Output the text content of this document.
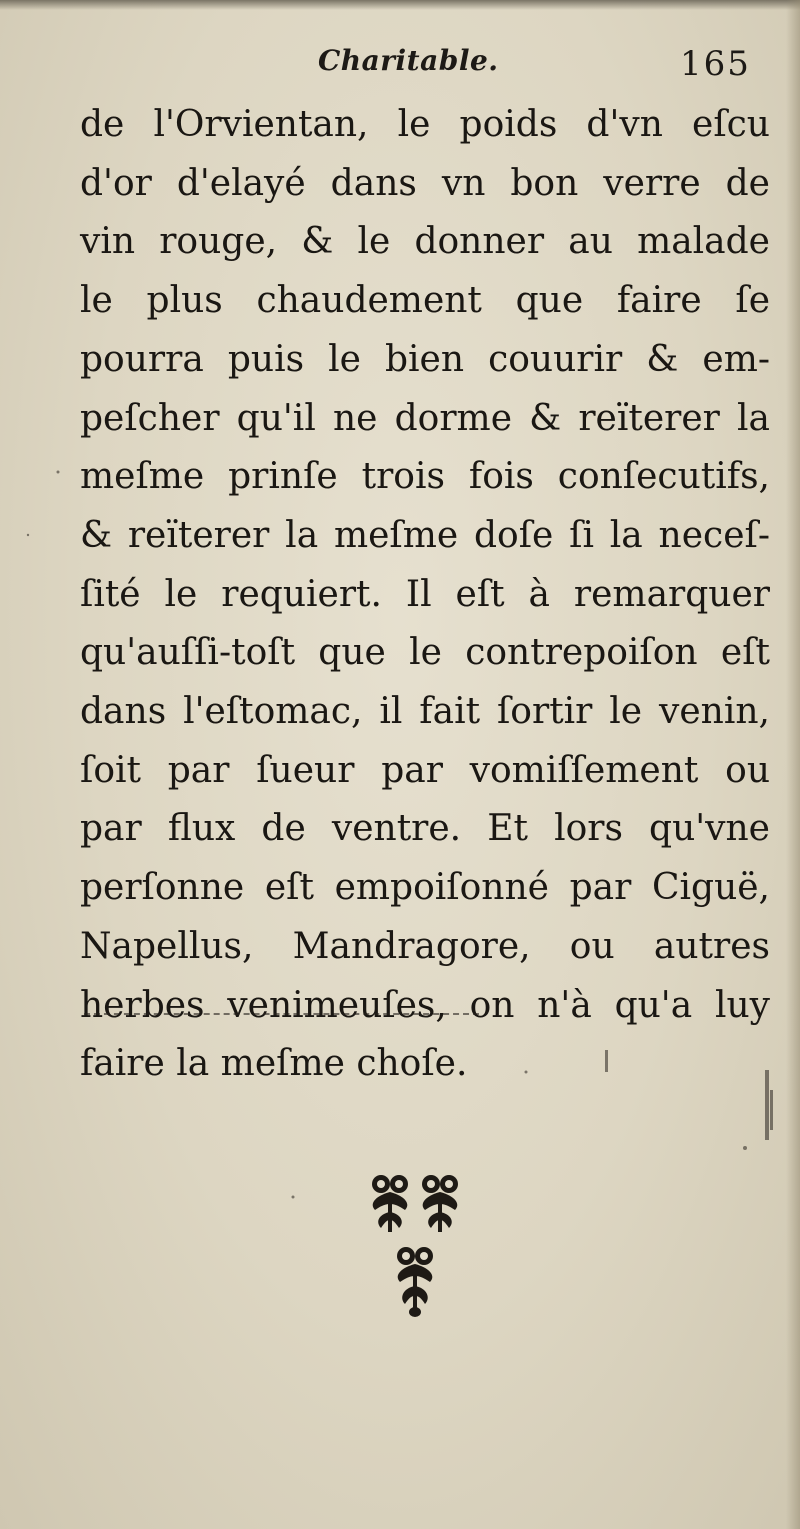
Charitable.	165
de l'Orvientan, le poids d'vn eſcu
d'or d'elayé dans vn bon verre de
vin rouge, & le donner au malade
le plus chaudement que faire ſe
pourra puis le bien couurir & em-
peſcher qu'il ne dorme & reïterer la
meſme prinſe trois fois conſecutifs,
& reïterer la meſme doſe ſi la neceſ-
ſité le requiert. Il eſt à remarquer
qu'auſſi-toſt que le contrepoiſon eſt
dans l'eſtomac, il fait ſortir le venin,
ſoit par ſueur par vomiſſement ou
par flux de ventre. Et lors qu'vne
perſonne eſt empoiſonné par Ciguë,
Napellus, Mandragore, ou autres
herbes venimeuſes, on n'à qu'a luy
faire la meſme choſe.
